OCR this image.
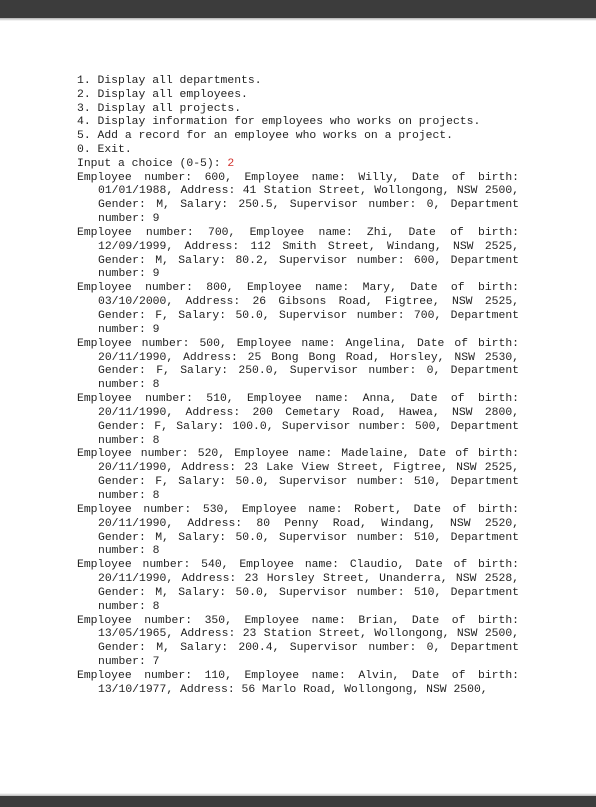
1. Display all departments.
2. Display all employees.
3. Display all projects.
4. Display information for employees who works on projects.
5. Add a record for an employee who works on a project.
0. Exit.
Input a choice (0-5): 2

Employee number: 600, Employee name: Willy, Date of birth: 01/01/1988, Address: 41 Station Street, Wollongong, NSW 2500, Gender: M, Salary: 250.5, Supervisor number: 0, Department number: 9

Employee number: 700, Employee name: Zhi, Date of birth: 12/09/1999, Address: 112 Smith Street, Windang, NSW 2525, Gender: M, Salary: 80.2, Supervisor number: 600, Department number: 9

Employee number: 800, Employee name: Mary, Date of birth: 03/10/2000, Address: 26 Gibsons Road, Figtree, NSW 2525, Gender: F, Salary: 50.0, Supervisor number: 700, Department number: 9

Employee number: 500, Employee name: Angelina, Date of birth: 20/11/1990, Address: 25 Bong Bong Road, Horsley, NSW 2530, Gender: F, Salary: 250.0, Supervisor number: 0, Department number: 8

Employee number: 510, Employee name: Anna, Date of birth: 20/11/1990, Address: 200 Cemetary Road, Hawea, NSW 2800, Gender: F, Salary: 100.0, Supervisor number: 500, Department number: 8

Employee number: 520, Employee name: Madelaine, Date of birth: 20/11/1990, Address: 23 Lake View Street, Figtree, NSW 2525, Gender: F, Salary: 50.0, Supervisor number: 510, Department number: 8

Employee number: 530, Employee name: Robert, Date of birth: 20/11/1990, Address: 80 Penny Road, Windang, NSW 2520, Gender: M, Salary: 50.0, Supervisor number: 510, Department number: 8

Employee number: 540, Employee name: Claudio, Date of birth: 20/11/1990, Address: 23 Horsley Street, Unanderra, NSW 2528, Gender: M, Salary: 50.0, Supervisor number: 510, Department number: 8

Employee number: 350, Employee name: Brian, Date of birth: 13/05/1965, Address: 23 Station Street, Wollongong, NSW 2500, Gender: M, Salary: 200.4, Supervisor number: 0, Department number: 7

Employee number: 110, Employee name: Alvin, Date of birth: 13/10/1977, Address: 56 Marlo Road, Wollongong, NSW 2500,
